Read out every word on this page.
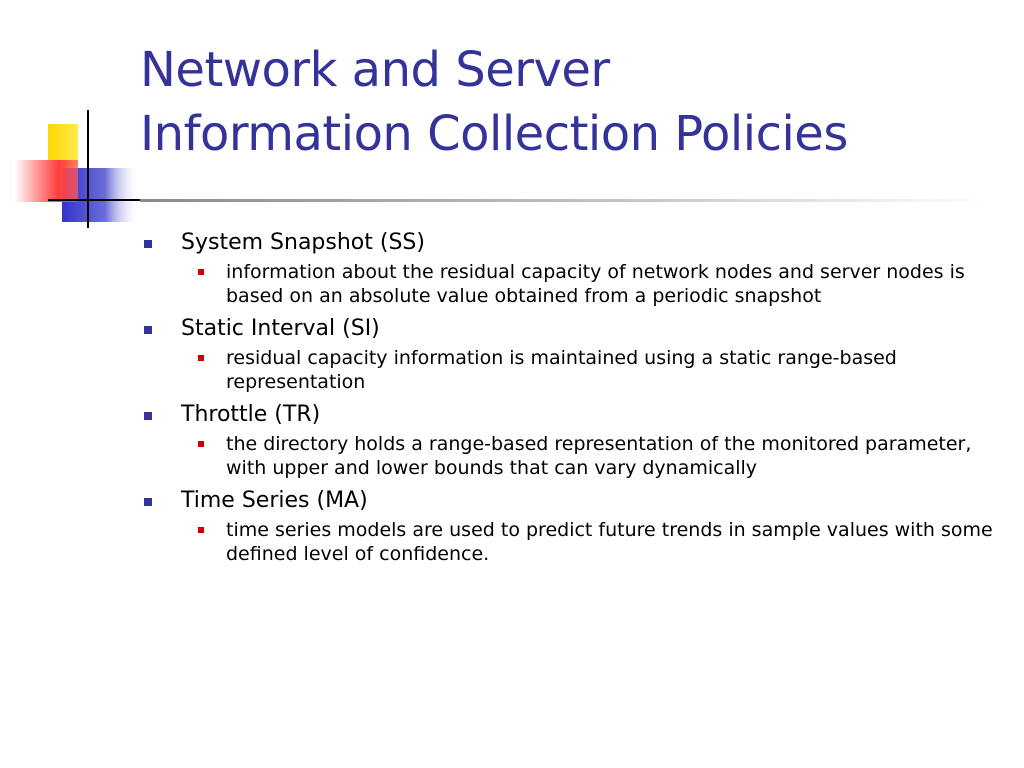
Network and Server
Information Collection Policies
System Snapshot (SS)
information about the residual capacity of network nodes and server nodes is based on an absolute value obtained from a periodic snapshot
Static Interval (SI)
residual capacity information is maintained using a static range-based representation
Throttle (TR)
the directory holds a range-based representation of the monitored parameter, with upper and lower bounds that can vary dynamically
Time Series (MA)
time series models are used to predict future trends in sample values with some defined level of confidence.
